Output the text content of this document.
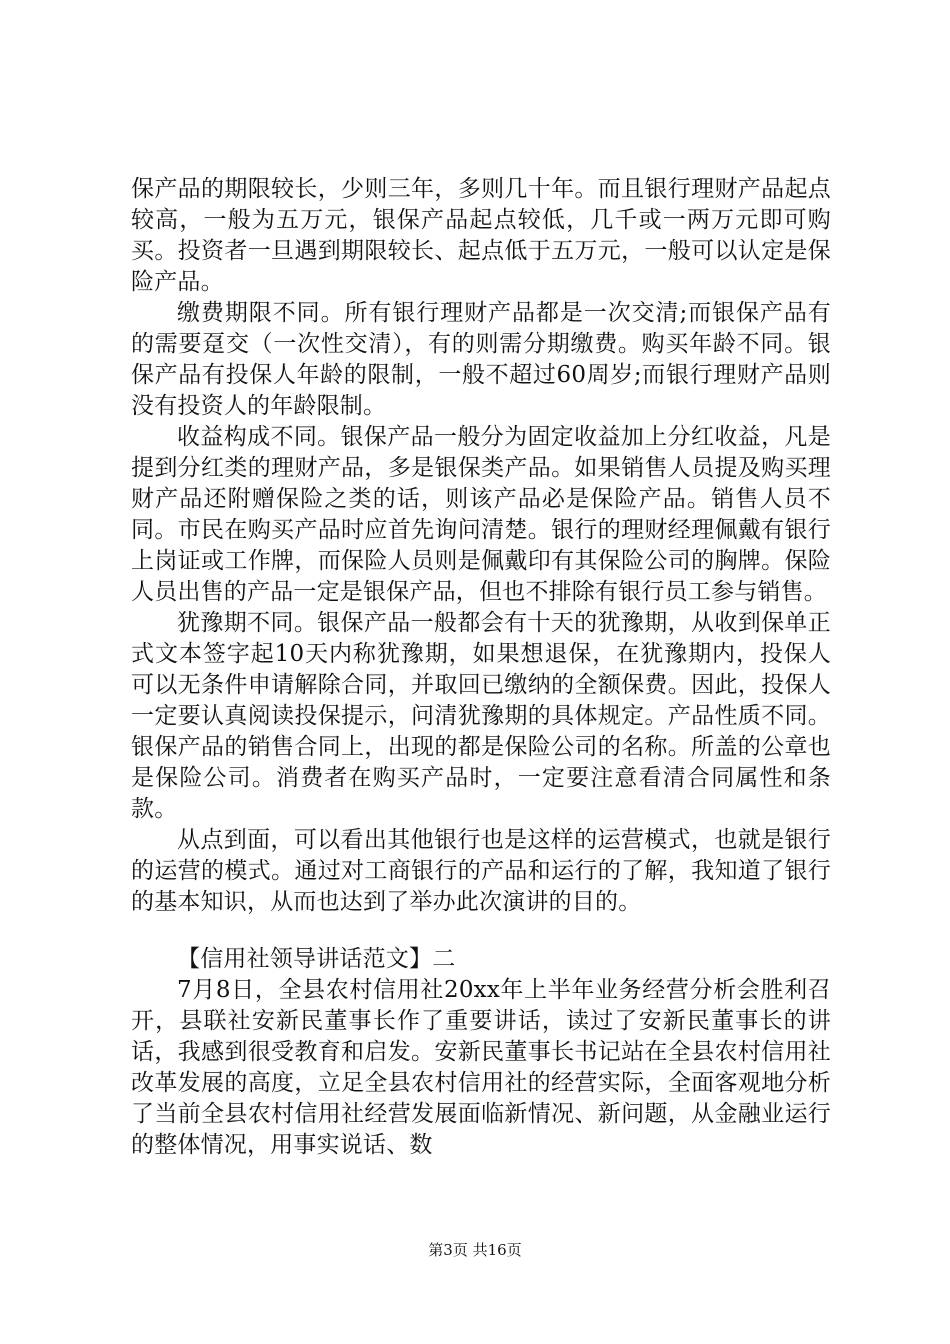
保产品的期限较长，少则三年，多则几十年。而且银行理财产品起点较高，一般为五万元，银保产品起点较低，几千或一两万元即可购买。投资者一旦遇到期限较长、起点低于五万元，一般可以认定是保险产品。

缴费期限不同。所有银行理财产品都是一次交清;而银保产品有的需要趸交（一次性交清），有的则需分期缴费。购买年龄不同。银保产品有投保人年龄的限制，一般不超过60周岁;而银行理财产品则没有投资人的年龄限制。

收益构成不同。银保产品一般分为固定收益加上分红收益，凡是提到分红类的理财产品，多是银保类产品。如果销售人员提及购买理财产品还附赠保险之类的话，则该产品必是保险产品。销售人员不同。市民在购买产品时应首先询问清楚。银行的理财经理佩戴有银行上岗证或工作牌，而保险人员则是佩戴印有其保险公司的胸牌。保险人员出售的产品一定是银保产品，但也不排除有银行员工参与销售。

犹豫期不同。银保产品一般都会有十天的犹豫期，从收到保单正式文本签字起10天内称犹豫期，如果想退保，在犹豫期内，投保人可以无条件申请解除合同，并取回已缴纳的全额保费。因此，投保人一定要认真阅读投保提示，问清犹豫期的具体规定。产品性质不同。银保产品的销售合同上，出现的都是保险公司的名称。所盖的公章也是保险公司。消费者在购买产品时，一定要注意看清合同属性和条款。

从点到面，可以看出其他银行也是这样的运营模式，也就是银行的运营的模式。通过对工商银行的产品和运行的了解，我知道了银行的基本知识，从而也达到了举办此次演讲的目的。

【信用社领导讲话范文】二

7月8日，全县农村信用社20xx年上半年业务经营分析会胜利召开，县联社安新民董事长作了重要讲话，读过了安新民董事长的讲话，我感到很受教育和启发。安新民董事长书记站在全县农村信用社改革发展的高度，立足全县农村信用社的经营实际，全面客观地分析了当前全县农村信用社经营发展面临新情况、新问题，从金融业运行的整体情况，用事实说话、数

第3页 共16页
